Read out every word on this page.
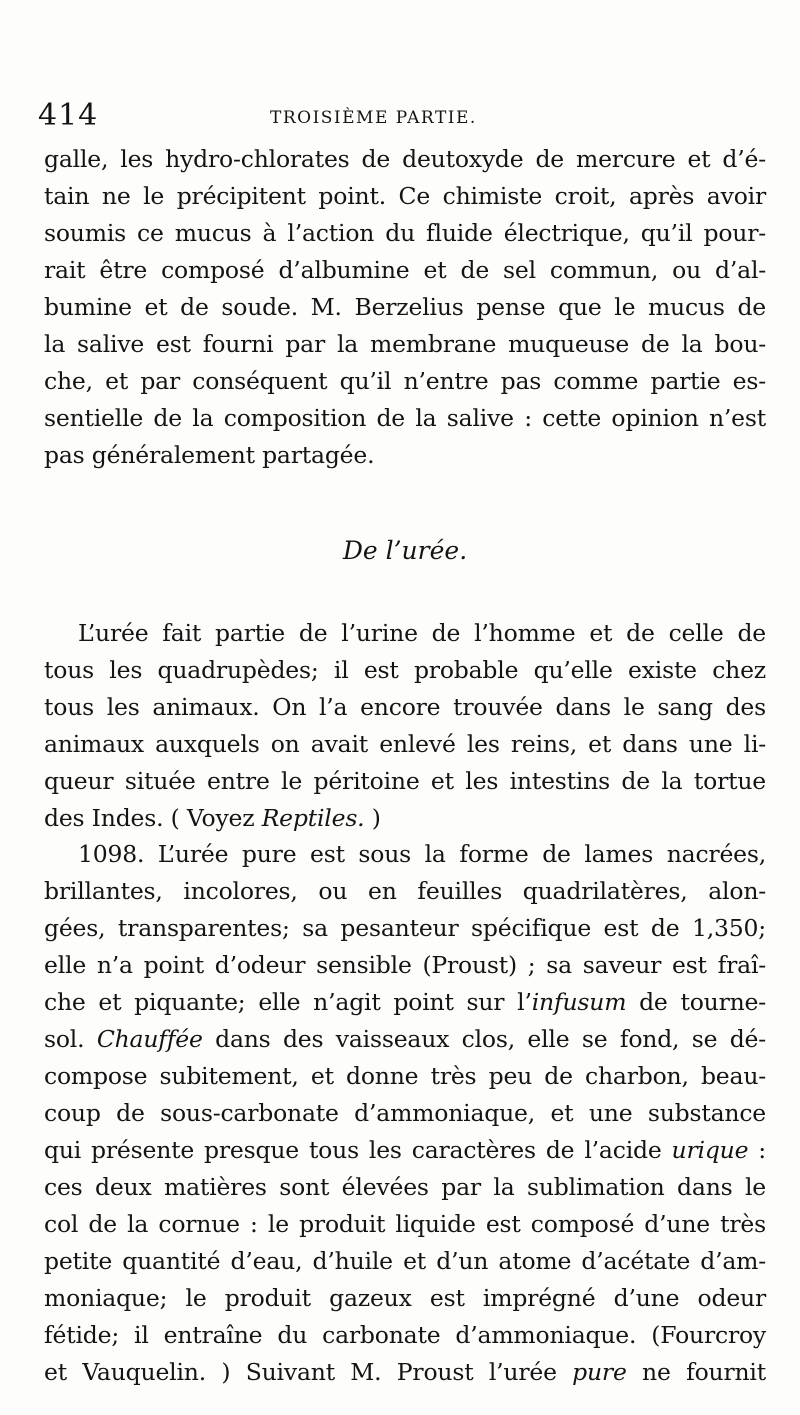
414	TROISIÈME PARTIE.
galle, les hydro-chlorates de deutoxyde de mercure et d’é-
tain ne le précipitent point. Ce chimiste croit, après avoir
soumis ce mucus à l’action du fluide électrique, qu’il pour-
rait être composé d’albumine et de sel commun, ou d’al-
bumine et de soude. M. Berzelius pense que le mucus de
la salive est fourni par la membrane muqueuse de la bou-
che, et par conséquent qu’il n’entre pas comme partie es-
sentielle de la composition de la salive : cette opinion n’est
pas généralement partagée.
De l’urée.
L’urée fait partie de l’urine de l’homme et de celle de
tous les quadrupèdes; il est probable qu’elle existe chez
tous les animaux. On l’a encore trouvée dans le sang des
animaux auxquels on avait enlevé les reins, et dans une li-
queur située entre le péritoine et les intestins de la tortue
des Indes. ( Voyez Reptiles. )
1098. L’urée pure est sous la forme de lames nacrées,
brillantes, incolores, ou en feuilles quadrilatères, alon-
gées, transparentes; sa pesanteur spécifique est de 1,350;
elle n’a point d’odeur sensible (Proust) ; sa saveur est fraî-
che et piquante; elle n’agit point sur l’infusum de tourne-
sol. Chauffée dans des vaisseaux clos, elle se fond, se dé-
compose subitement, et donne très peu de charbon, beau-
coup de sous-carbonate d’ammoniaque, et une substance
qui présente presque tous les caractères de l’acide urique :
ces deux matières sont élevées par la sublimation dans le
col de la cornue : le produit liquide est composé d’une très
petite quantité d’eau, d’huile et d’un atome d’acétate d’am-
moniaque; le produit gazeux est imprégné d’une odeur
fétide; il entraîne du carbonate d’ammoniaque. (Fourcroy
et Vauquelin. ) Suivant M. Proust l’urée pure ne fournit
